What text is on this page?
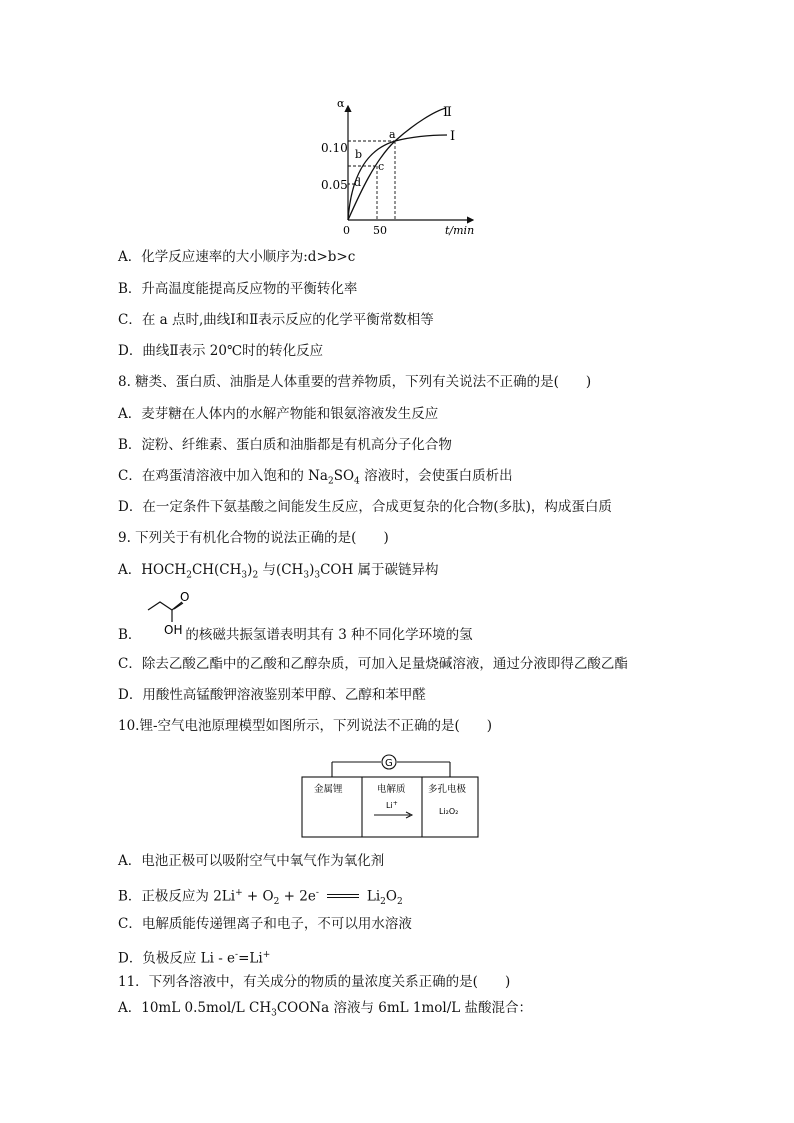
α
t/min
0
0.10
0.05
50
Ⅱ
Ⅰ
a
b
c
d
A．化学反应速率的大小顺序为:d>b>c
B．升高温度能提高反应物的平衡转化率
C．在 a 点时,曲线Ⅰ和Ⅱ表示反应的化学平衡常数相等
D．曲线Ⅱ表示 20℃时的转化反应
8. 糖类、蛋白质、油脂是人体重要的营养物质，下列有关说法不正确的是(　　)
A．麦芽糖在人体内的水解产物能和银氨溶液发生反应
B．淀粉、纤维素、蛋白质和油脂都是有机高分子化合物
C．在鸡蛋清溶液中加入饱和的 $Na_2SO_4$ 溶液时，会使蛋白质析出
D．在一定条件下氨基酸之间能发生反应，合成更复杂的化合物(多肽)，构成蛋白质
9. 下列关于有机化合物的说法正确的是(　　)
A．$HOCH_2CH(CH_3)_2$ 与$(CH_3)_3COH$ 属于碳链异构
O
OH
B．	的核磁共振氢谱表明其有 3 种不同化学环境的氢
C．除去乙酸乙酯中的乙酸和乙醇杂质，可加入足量烧碱溶液，通过分液即得乙酸乙酯
D．用酸性高锰酸钾溶液鉴别苯甲醇、乙醇和苯甲醛
10.锂-空气电池原理模型如图所示，下列说法不正确的是(　　)
G
金属锂	电解质 多孔电极
Li+
Li₂O₂
A．电池正极可以吸附空气中氧气作为氧化剂
B．正极反应为 $2Li^+ + O_2 + 2e^-$	$Li_2O_2$
C．电解质能传递锂离子和电子，不可以用水溶液
D．负极反应 Li - e-=Li+
11．下列各溶液中，有关成分的物质的量浓度关系正确的是(　　)
A．10mL 0.5mol/L $CH_3COONa$ 溶液与 6mL 1mol/L 盐酸混合：
